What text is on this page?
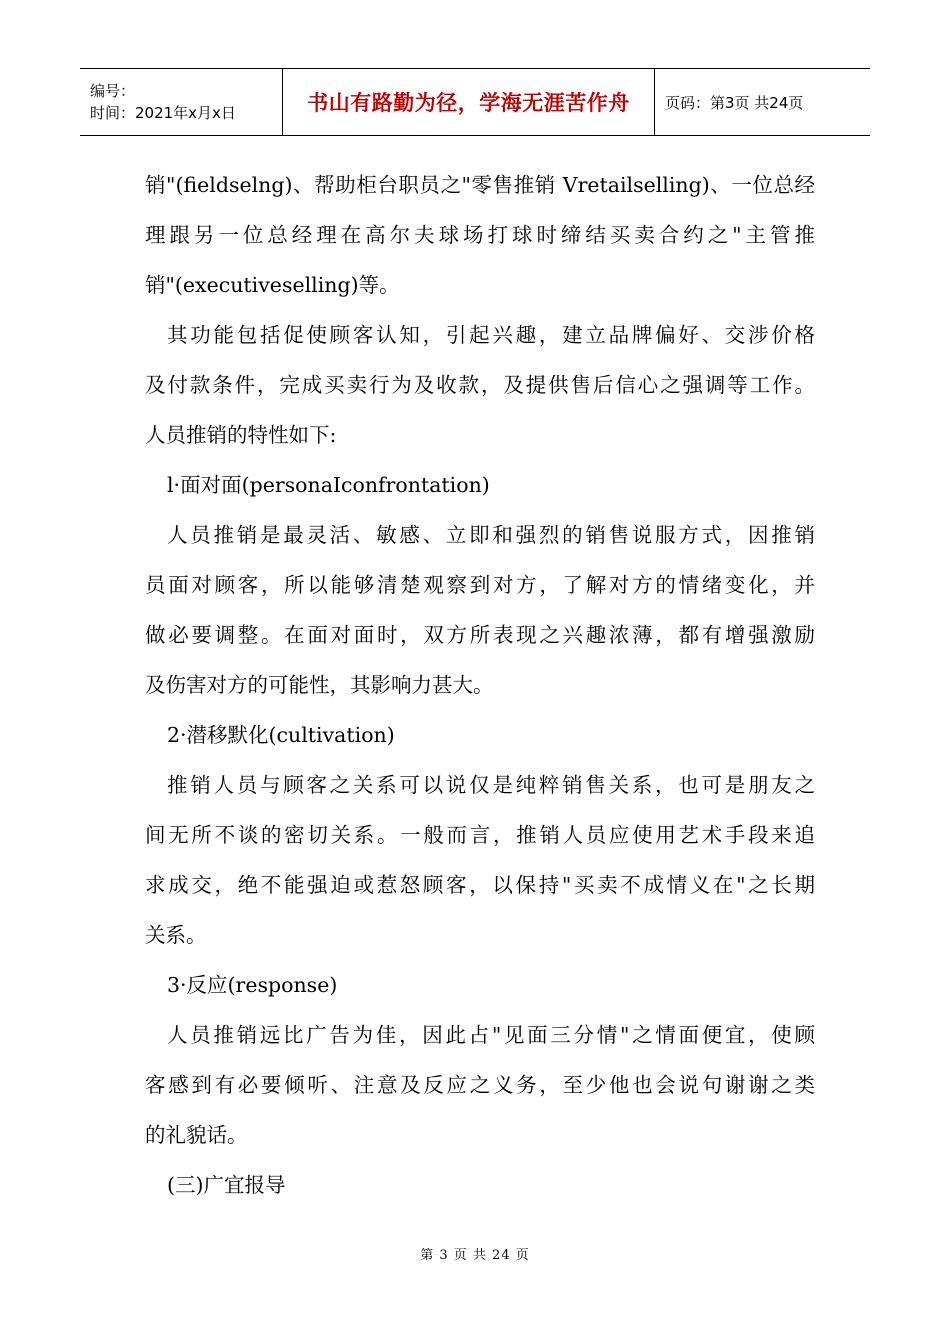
编号：
时间：2021年x月x日	书山有路勤为径，学海无涯苦作舟 页码：第3页 共24页
销"(fieldselng)、帮助柜台职员之"零售推销 Vretailselling)、一位总经
理跟另一位总经理在高尔夫球场打球时缔结买卖合约之"主管推
销"(executiveselling)等。
其功能包括促使顾客认知，引起兴趣，建立品牌偏好、交涉价格
及付款条件，完成买卖行为及收款，及提供售后信心之强调等工作。
人员推销的特性如下:
l·面对面(personaIconfrontation)
人员推销是最灵活、敏感、立即和强烈的销售说服方式，因推销
员面对顾客，所以能够清楚观察到对方，了解对方的情绪变化，并
做必要调整。在面对面时，双方所表现之兴趣浓薄，都有增强激励
及伤害对方的可能性，其影响力甚大。
2·潜移默化(cultivation)
推销人员与顾客之关系可以说仅是纯粹销售关系，也可是朋友之
间无所不谈的密切关系。一般而言，推销人员应使用艺术手段来追
求成交，绝不能强迫或惹怒顾客，以保持"买卖不成情义在"之长期
关系。
3·反应(response)
人员推销远比广告为佳，因此占"见面三分情"之情面便宜，使顾
客感到有必要倾听、注意及反应之义务，至少他也会说句谢谢之类
的礼貌话。
(三)广宜报导
第 3 页 共 24 页
